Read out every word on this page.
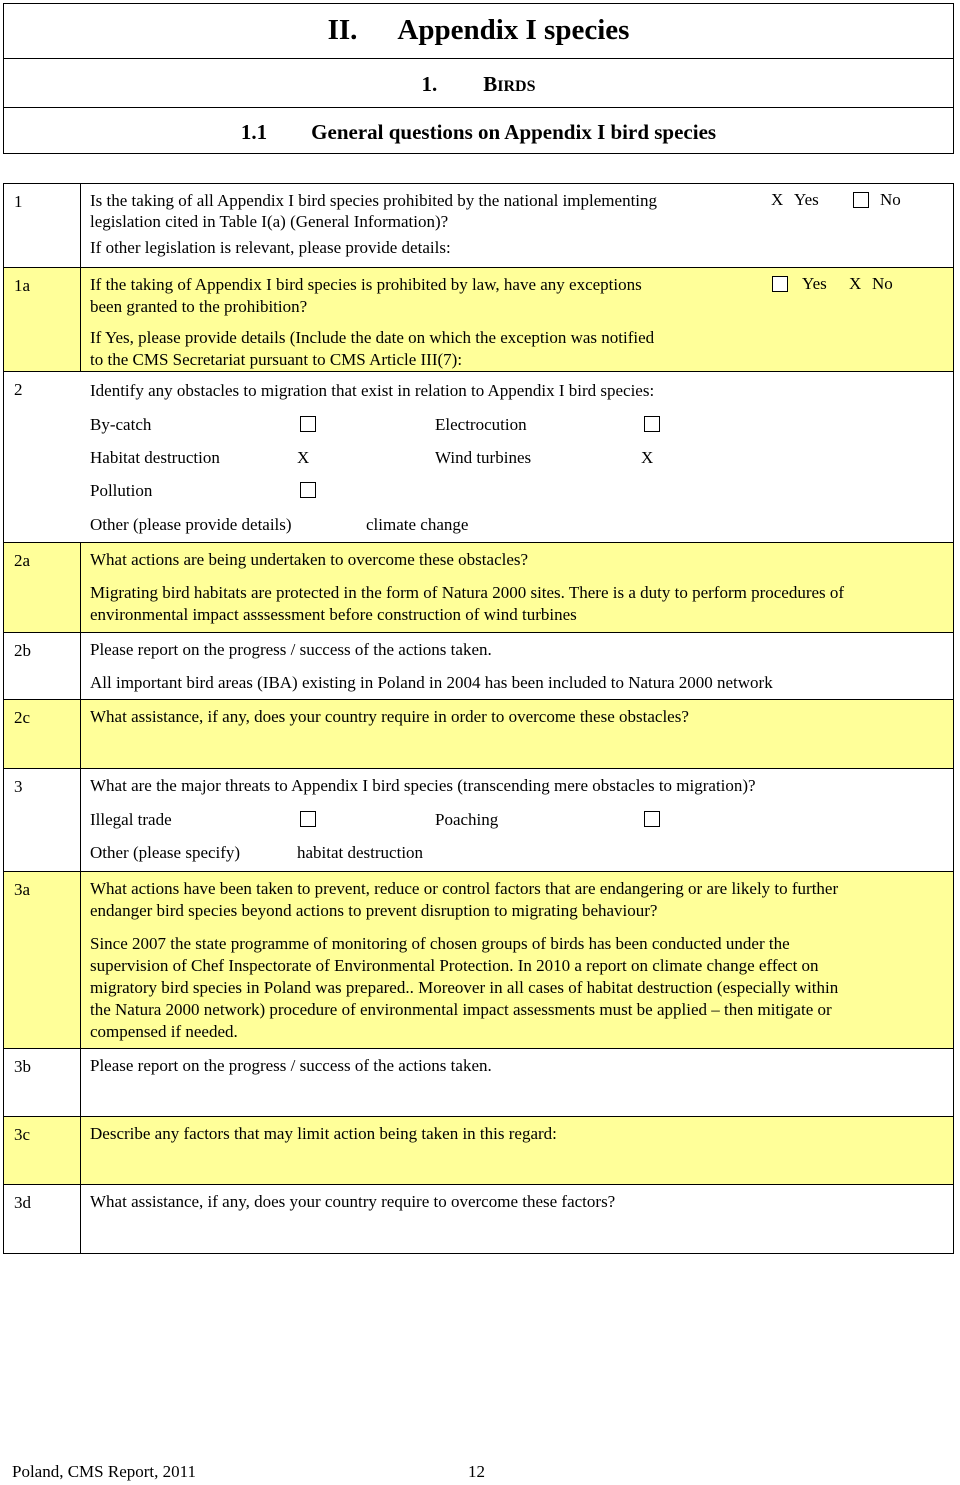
II. Appendix I species
1. BIRDS
1.1 General questions on Appendix I bird species
1	Is the taking of all Appendix I bird species prohibited by the national implementing
legislation cited in Table I(a) (General Information)?
If other legislation is relevant, please provide details:
X Yes	No
1a	If the taking of Appendix I bird species is prohibited by law, have any exceptions
been granted to the prohibition?
If Yes, please provide details (Include the date on which the exception was notified
to the CMS Secretariat pursuant to CMS Article III(7):
Yes X No
2	Identify any obstacles to migration that exist in relation to Appendix I bird species:
By-catch	Electrocution
Habitat destruction	X	Wind turbines	X
Pollution
Other (please provide details)	climate change
2a	What actions are being undertaken to overcome these obstacles?
Migrating bird habitats are protected in the form of Natura 2000 sites. There is a duty to perform procedures of
environmental impact asssessment before construction of wind turbines
2b	Please report on the progress / success of the actions taken.
All important bird areas (IBA) existing in Poland in 2004 has been included to Natura 2000 network
2c	What assistance, if any, does your country require in order to overcome these obstacles?
3	What are the major threats to Appendix I bird species (transcending mere obstacles to migration)?
Illegal trade	Poaching
Other (please specify)	habitat destruction
3a	What actions have been taken to prevent, reduce or control factors that are endangering or are likely to further
endanger bird species beyond actions to prevent disruption to migrating behaviour?
Since 2007 the state programme of monitoring of chosen groups of birds has been conducted under the
supervision of Chef Inspectorate of Environmental Protection. In 2010 a report on climate change effect on
migratory bird species in Poland was prepared.. Moreover in all cases of habitat destruction (especially within
the Natura 2000 network) procedure of environmental impact assessments must be applied – then mitigate or
compensed if needed.
3b	Please report on the progress / success of the actions taken.
3c	Describe any factors that may limit action being taken in this regard:
3d	What assistance, if any, does your country require to overcome these factors?
Poland, CMS Report, 2011	12
